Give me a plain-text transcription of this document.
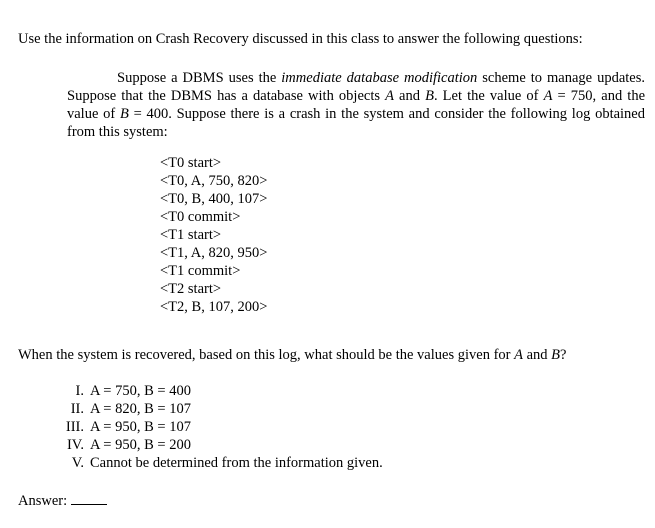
Use the information on Crash Recovery discussed in this class to answer the following questions:
Suppose a DBMS uses the immediate database modification scheme to manage updates. Suppose that the DBMS has a database with objects A and B. Let the value of A = 750, and the value of B = 400. Suppose there is a crash in the system and consider the following log obtained from this system:
<T0 start>
<T0, A, 750, 820>
<T0, B, 400, 107>
<T0 commit>
<T1 start>
<T1, A, 820, 950>
<T1 commit>
<T2 start>
<T2, B, 107, 200>
When the system is recovered, based on this log, what should be the values given for A and B?
I. A = 750, B = 400
II. A = 820, B = 107
III. A = 950, B = 107
IV. A = 950, B = 200
V. Cannot be determined from the information given.
Answer:
